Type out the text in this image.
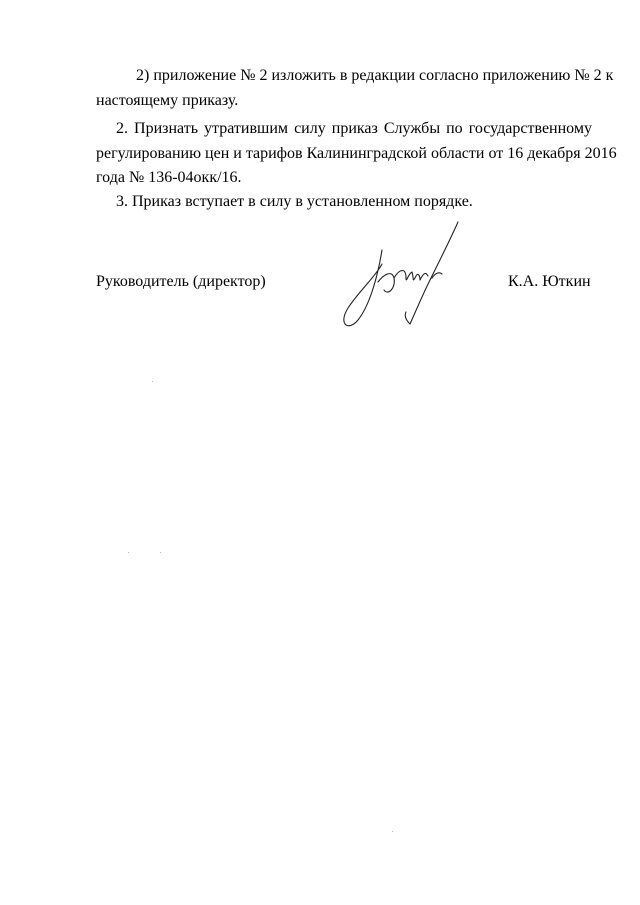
2) приложение № 2 изложить в редакции согласно приложению № 2 к
настоящему приказу.
2. Признать утратившим силу приказ Службы по государственному
регулированию цен и тарифов Калининградской области от 16 декабря 2016
года № 136-04окк/16.
3. Приказ вступает в силу в установленном порядке.
Руководитель (директор)	К.А. Юткин
